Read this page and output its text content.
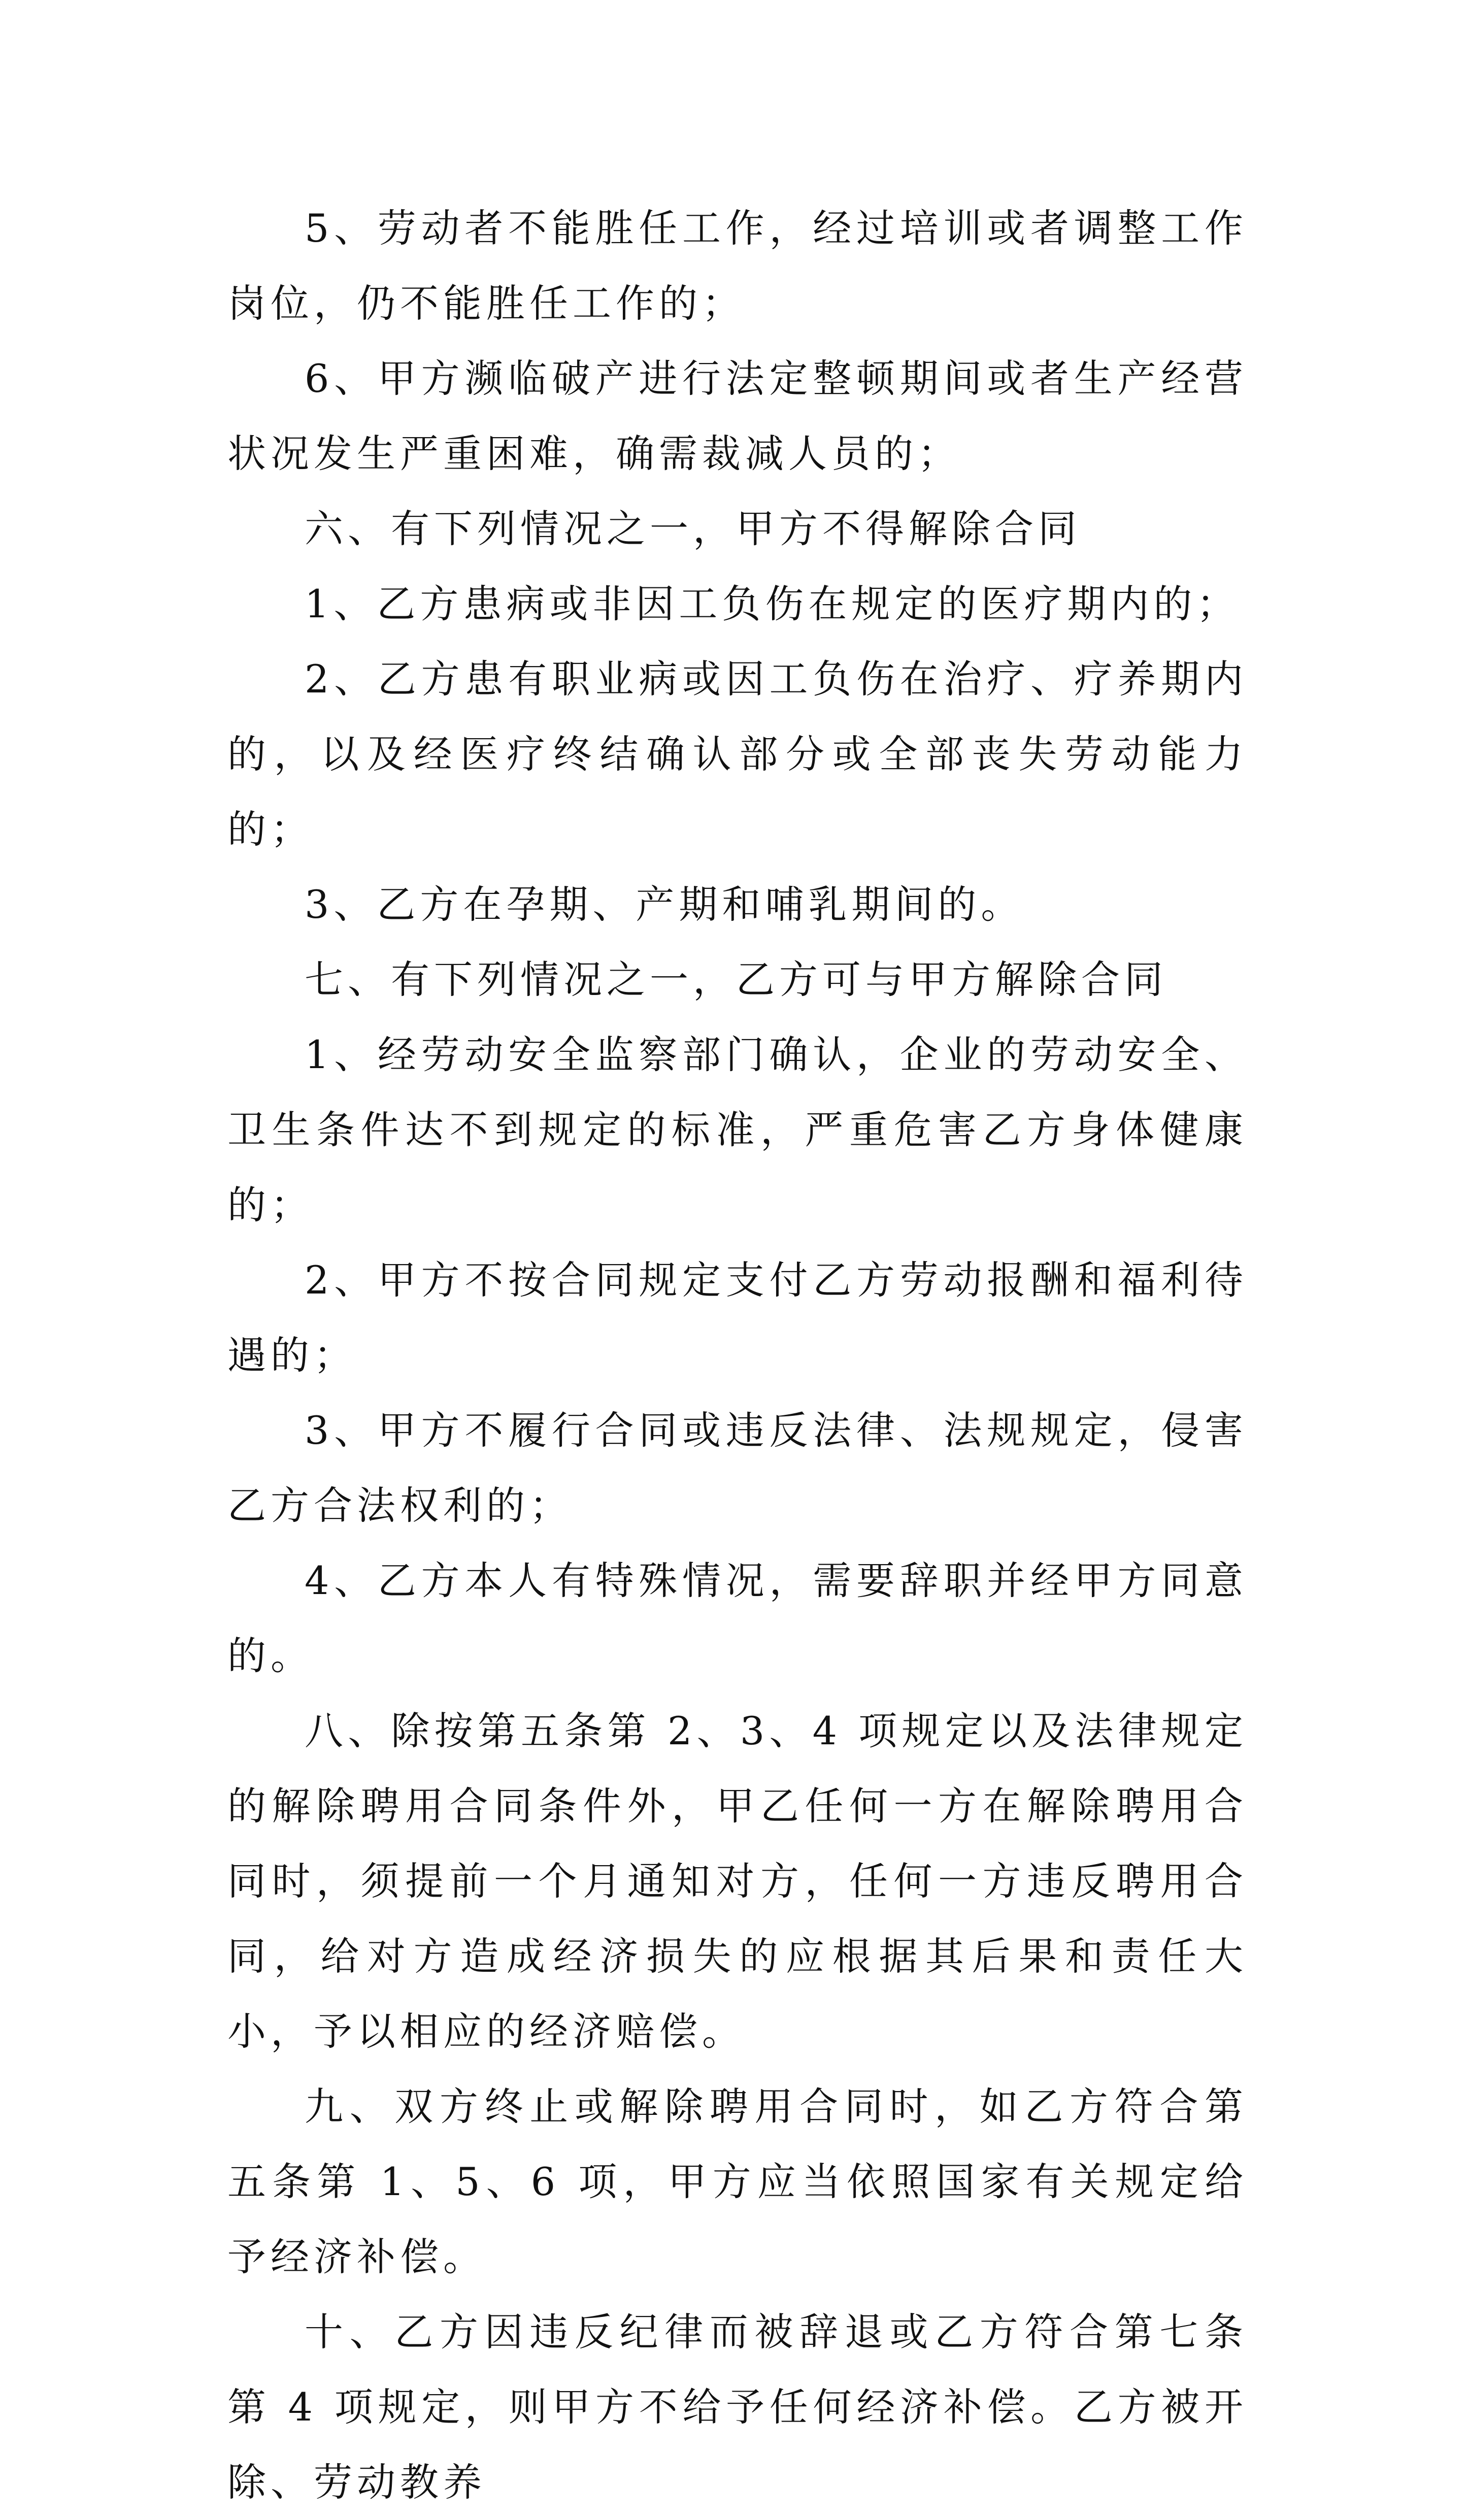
5、劳动者不能胜任工作，经过培训或者调整工作岗位，仍不能胜任工作的；

6、甲方濒临破产进行法定整顿期间或者生产经营状况发生严重困难，确需裁减人员的；

六、有下列情况之一，甲方不得解除合同

1、乙方患病或非因工负伤在规定的医疗期内的；

2、乙方患有职业病或因工负伤在治疗、疗养期内的，以及经医疗终结确认部分或全部丧失劳动能力的；

3、乙方在孕期、产期和哺乳期间的。

七、有下列情况之一，乙方可与甲方解除合同

1、经劳动安全监察部门确认，企业的劳动安全、卫生条件达不到规定的标准，严重危害乙方身体健康的；

2、甲方不按合同规定支付乙方劳动报酬和福利待遇的；

3、甲方不履行合同或违反法律、法规规定，侵害乙方合法权利的；

4、乙方本人有特殊情况，需要辞职并经甲方同意的。

八、除按第五条第 2、3、4 项规定以及法律规定的解除聘用合同条件外，甲乙任何一方在解除聘用合同时，须提前一个月通知对方，任何一方违反聘用合同，给对方造成经济损失的应根据其后果和责任大小，予以相应的经济赔偿。

九、双方终止或解除聘用合同时，如乙方符合第五条第 1、5、6 项，甲方应当依照国家有关规定给予经济补偿。

十、乙方因违反纪律而被辞退或乙方符合第七条第 4 项规定，则甲方不给予任何经济补偿。乙方被开除、劳动教养
